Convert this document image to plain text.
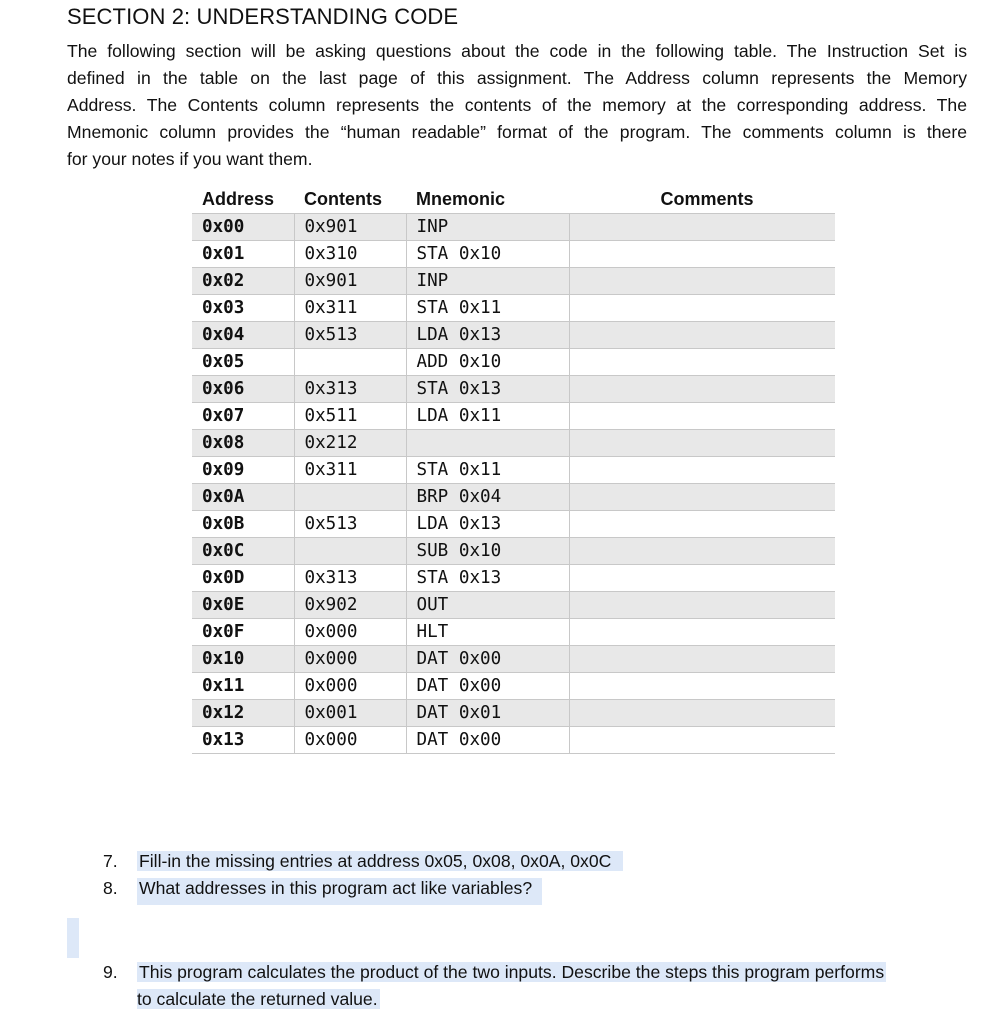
SECTION 2: UNDERSTANDING CODE
The following section will be asking questions about the code in the following table. The Instruction Set is
defined in the table on the last page of this assignment. The Address column represents the Memory
Address. The Contents column represents the contents of the memory at the corresponding address. The
Mnemonic column provides the “human readable” format of the program. The comments column is there
for your notes if you want them.
Address	Contents	Mnemonic	Comments
0x00	0x901	INP	
0x01	0x310	STA 0x10	
0x02	0x901	INP	
0x03	0x311	STA 0x11	
0x04	0x513	LDA 0x13	
0x05		ADD 0x10	
0x06	0x313	STA 0x13	
0x07	0x511	LDA 0x11	
0x08	0x212		
0x09	0x311	STA 0x11	
0x0A		BRP 0x04	
0x0B	0x513	LDA 0x13	
0x0C		SUB 0x10	
0x0D	0x313	STA 0x13	
0x0E	0x902	OUT	
0x0F	0x000	HLT	
0x10	0x000	DAT 0x00	
0x11	0x000	DAT 0x00	
0x12	0x001	DAT 0x01	
0x13	0x000	DAT 0x00	
7. Fill-in the missing entries at address 0x05, 0x08, 0x0A, 0x0C
8. What addresses in this program act like variables?
9. This program calculates the product of the two inputs. Describe the steps this program performs
to calculate the returned value.
